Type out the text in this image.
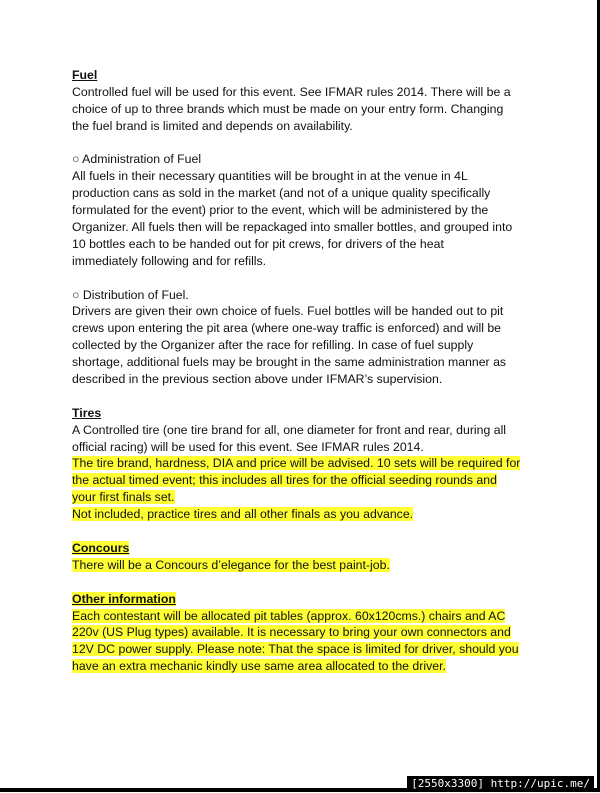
Fuel
Controlled fuel will be used for this event. See IFMAR rules 2014. There will be a
choice of up to three brands which must be made on your entry form. Changing
the fuel brand is limited and depends on availability.
○ Administration of Fuel
All fuels in their necessary quantities will be brought in at the venue in 4L
production cans as sold in the market (and not of a unique quality specifically
formulated for the event) prior to the event, which will be administered by the
Organizer. All fuels then will be repackaged into smaller bottles, and grouped into
10 bottles each to be handed out for pit crews, for drivers of the heat
immediately following and for refills.
○ Distribution of Fuel.
Drivers are given their own choice of fuels. Fuel bottles will be handed out to pit
crews upon entering the pit area (where one-way traffic is enforced) and will be
collected by the Organizer after the race for refilling. In case of fuel supply
shortage, additional fuels may be brought in the same administration manner as
described in the previous section above under IFMAR’s supervision.
Tires
A Controlled tire (one tire brand for all, one diameter for front and rear, during all
official racing) will be used for this event. See IFMAR rules 2014.
The tire brand, hardness, DIA and price will be advised. 10 sets will be required for
the actual timed event; this includes all tires for the official seeding rounds and
your first finals set.
Not included, practice tires and all other finals as you advance.
Concours
There will be a Concours d’elegance for the best paint-job.
Other information
Each contestant will be allocated pit tables (approx. 60x120cms.) chairs and AC
220v (US Plug types) available. It is necessary to bring your own connectors and
12V DC power supply. Please note: That the space is limited for driver, should you
have an extra mechanic kindly use same area allocated to the driver.
[2550x3300] http://upic.me/
